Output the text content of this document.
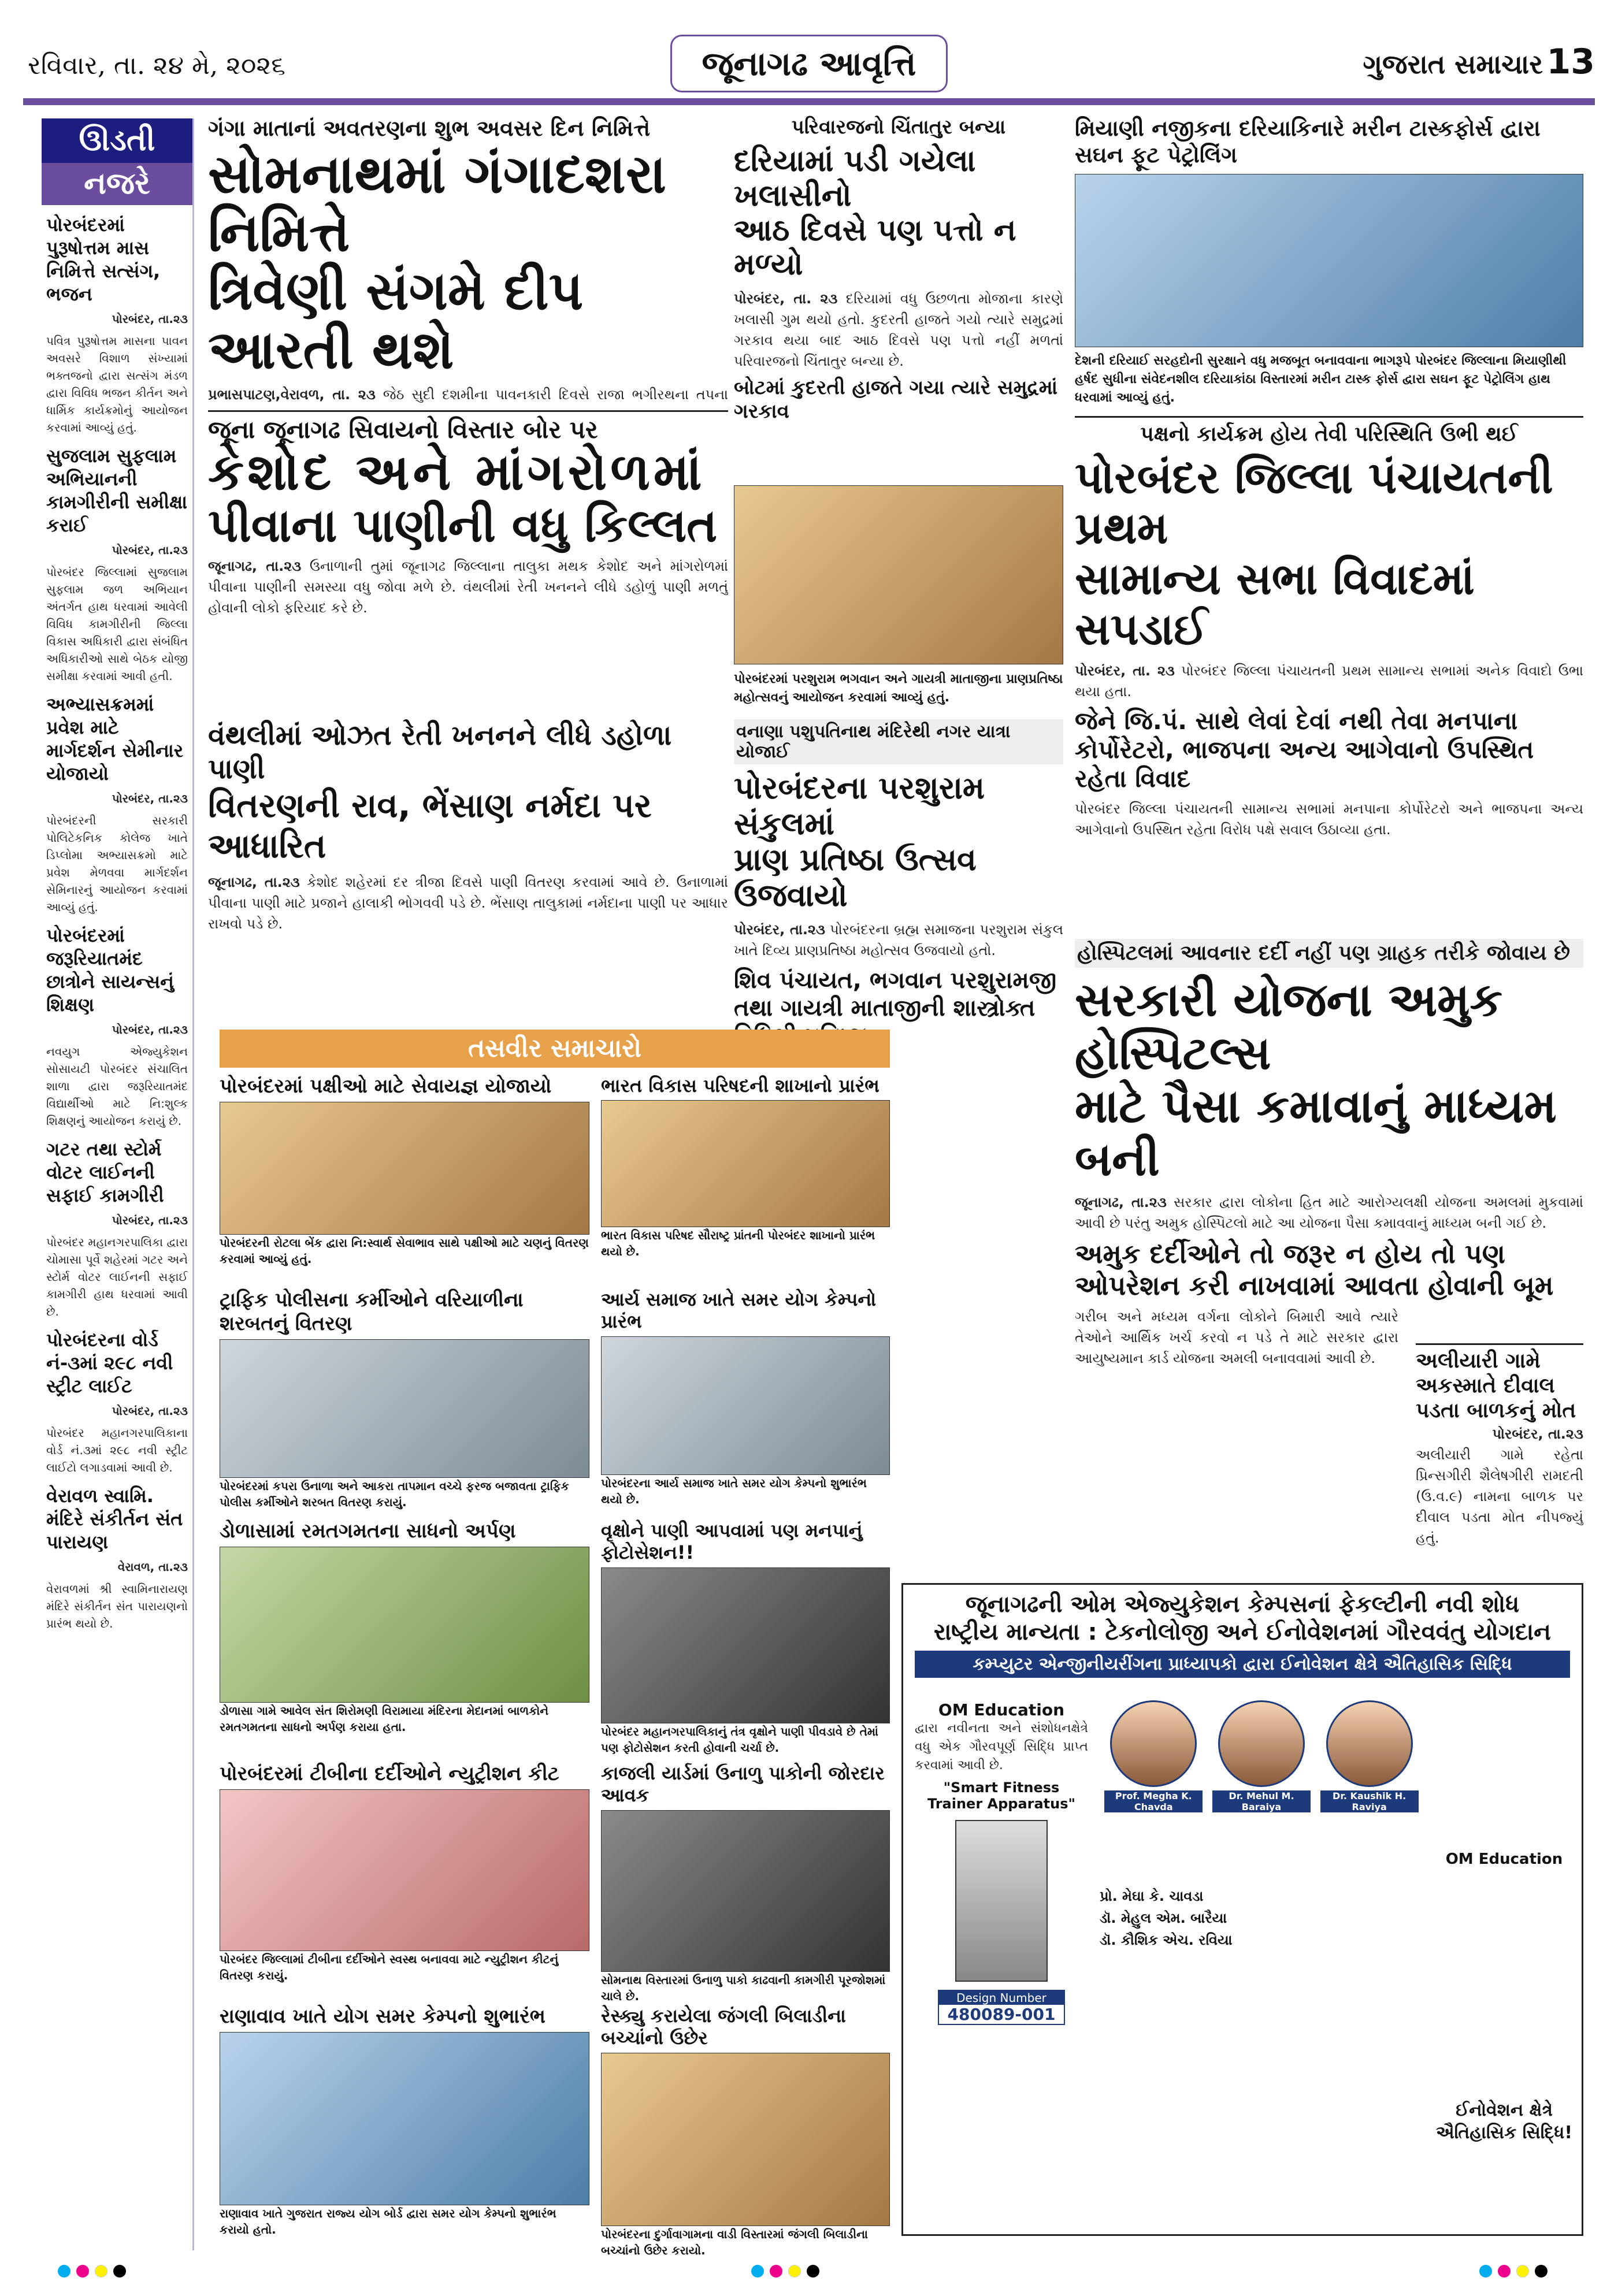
રવિવાર, તા. ૨૪ મે, ૨૦૨૬	જૂનાગઢ આવૃત્તિ	ગુજરાત સમાચાર 13
ઊડતી
નજરે
પોરબંદરમાં પુરૂષોત્તમ માસ નિમિત્તે સત્સંગ, ભજન
પોરબંદર, તા.૨૩
પવિત્ર પુરૂષોત્તમ માસના પાવન અવસરે વિશાળ સંખ્યામાં ભક્તજનો દ્વારા સત્સંગ મંડળ દ્વારા વિવિધ ભજન કીર્તન અને ધાર્મિક કાર્યક્રમોનું આયોજન કરવામાં આવ્યું હતું.
સુજલામ સુફલામ અભિયાનની કામગીરીની સમીક્ષા કરાઈ
પોરબંદર, તા.૨૩
પોરબંદર જિલ્લામાં સુજલામ સુફલામ જળ અભિયાન અંતર્ગત હાથ ધરવામાં આવેલી વિવિધ કામગીરીની જિલ્લા વિકાસ અધિકારી દ્વારા સંબંધિત અધિકારીઓ સાથે બેઠક યોજી સમીક્ષા કરવામાં આવી હતી.
અભ્યાસક્રમમાં પ્રવેશ માટે માર્ગદર્શન સેમીનાર યોજાયો
પોરબંદર, તા.૨૩
પોરબંદરની સરકારી પોલિટેકનિક કોલેજ ખાતે ડિપ્લોમા અભ્યાસક્રમો માટે પ્રવેશ મેળવવા માર્ગદર્શન સેમિનારનું આયોજન કરવામાં આવ્યું હતું.
પોરબંદરમાં જરૂરિયાતમંદ છાત્રોને સાયન્સનું શિક્ષણ
પોરબંદર, તા.૨૩
નવયુગ એજ્યુકેશન સોસાયટી પોરબંદર સંચાલિત શાળા દ્વારા જરૂરિયાતમંદ વિદ્યાર્થીઓ માટે નિ:શુલ્ક શિક્ષણનું આયોજન કરાયું છે.
ગટર તથા સ્ટોર્મ વોટર લાઈનની સફાઈ કામગીરી
પોરબંદર, તા.૨૩
પોરબંદર મહાનગરપાલિકા દ્વારા ચોમાસા પૂર્વે શહેરમાં ગટર અને સ્ટોર્મ વોટર લાઈનની સફાઈ કામગીરી હાથ ધરવામાં આવી છે.
પોરબંદરના વોર્ડ નં-૩માં ૨૯૮ નવી સ્ટ્રીટ લાઈટ
પોરબંદર, તા.૨૩
પોરબંદર મહાનગરપાલિકાના વોર્ડ નં.૩માં ૨૯૮ નવી સ્ટ્રીટ લાઈટો લગાડવામાં આવી છે.
વેરાવળ સ્વામિ. મંદિરે સંકીર્તન સંત પારાયણ
વેરાવળ, તા.૨૩
વેરાવળમાં શ્રી સ્વામિનારાયણ મંદિરે સંકીર્તન સંત પારાયણનો પ્રારંભ થયો છે.
ગંગા માતાનાં અવતરણના શુભ અવસર દિન નિમિત્તે
સોમનાથમાં ગંગાદશરા નિમિત્તે
ત્રિવેણી સંગમે દીપ આરતી થશે
પ્રભાસપાટણ,વેરાવળ, તા. ૨૩ જેઠ સુદી દશમીના પાવનકારી દિવસે રાજા ભગીરથના તપના
પરિવારજનો ચિંતાતુર બન્યા
દરિયામાં પડી ગયેલા ખલાસીનો
આઠ દિવસે પણ પત્તો ન મળ્યો
પોરબંદર, તા. ૨૩ દરિયામાં વધુ ઉછળતા મોજાના કારણે ખલાસી ગુમ થયો હતો. કુદરતી હાજતે ગયો ત્યારે સમુદ્રમાં ગરકાવ થયા બાદ આઠ દિવસે પણ પત્તો નહીં મળતાં પરિવારજનો ચિંતાતુર બન્યા છે.
બોટમાં કુદરતી હાજતે ગયા ત્યારે સમુદ્રમાં ગરકાવ
પોરબંદરમાં પરશુરામ ભગવાન અને ગાયત્રી માતાજીના પ્રાણપ્રતિષ્ઠા મહોત્સવનું આયોજન કરવામાં આવ્યું હતું.
મિયાણી નજીકના દરિયાકિનારે મરીન ટાસ્કફોર્સ દ્વારા સઘન ફૂટ પેટ્રોલિંગ
દેશની દરિયાઈ સરહદોની સુરક્ષાને વધુ મજબૂત બનાવવાના ભાગરૂપે પોરબંદર જિલ્લાના મિયાણીથી હર્ષદ સુધીના સંવેદનશીલ દરિયાકાંઠા વિસ્તારમાં મરીન ટાસ્ક ફોર્સ દ્વારા સઘન ફૂટ પેટ્રોલિંગ હાથ ધરવામાં આવ્યું હતું.
જૂના જૂનાગઢ સિવાયનો વિસ્તાર બોર પર
કેશોદ અને માંગરોળમાં
પીવાના પાણીની વધુ કિલ્લત
જૂનાગઢ, તા.૨૩ ઉનાળાની તુમાં જૂનાગઢ જિલ્લાના તાલુકા મથક કેશોદ અને માંગરોળમાં પીવાના પાણીની સમસ્યા વધુ જોવા મળે છે. વંથલીમાં રેતી ખનનને લીધે ડહોળું પાણી મળતું હોવાની લોકો ફરિયાદ કરે છે.
વંથલીમાં ઓઝત રેતી ખનનને લીધે ડહોળા પાણી
વિતરણની રાવ, ભેંસાણ નર્મદા પર આધારિત
જૂનાગઢ, તા.૨૩ કેશોદ શહેરમાં દર ત્રીજા દિવસે પાણી વિતરણ કરવામાં આવે છે. ઉનાળામાં પીવાના પાણી માટે પ્રજાને હાલાકી ભોગવવી પડે છે. ભેંસાણ તાલુકામાં નર્મદાના પાણી પર આધાર રાખવો પડે છે.
વનાણા પશુપતિનાથ મંદિરેથી નગર યાત્રા યોજાઈ
પોરબંદરના પરશુરામ સંકુલમાં
પ્રાણ પ્રતિષ્ઠા ઉત્સવ ઉજવાયો
પોરબંદર, તા.૨૩ પોરબંદરના બ્રહ્મ સમાજના પરશુરામ સંકુલ ખાતે દિવ્ય પ્રાણપ્રતિષ્ઠા મહોત્સવ ઉજવાયો હતો.
શિવ પંચાયત, ભગવાન પરશુરામજી તથા ગાયત્રી માતાજીની શાસ્ત્રોક્ત
પક્ષનો કાર્યક્રમ હોય તેવી પરિસ્થિતિ ઉભી થઈ
પોરબંદર જિલ્લા પંચાયતની પ્રથમ
સામાન્ય સભા વિવાદમાં સપડાઈ
પોરબંદર, તા. ૨૩ પોરબંદર જિલ્લા પંચાયતની પ્રથમ સામાન્ય સભામાં અનેક વિવાદો ઉભા થયા હતા.
જેને જિ.પં. સાથે લેવાં દેવાં નથી તેવા મનપાના કોર્પોરેટરો, ભાજપના અન્ય આગેવાનો ઉપસ્થિત રહેતા વિવાદ
પોરબંદર જિલ્લા પંચાયતની સામાન્ય સભામાં મનપાના કોર્પોરેટરો અને ભાજપના અન્ય આગેવાનો ઉપસ્થિત રહેતા વિરોધ પક્ષે સવાલ ઉઠાવ્યા હતા.
હોસ્પિટલમાં આવનાર દર્દી નહીં પણ ગ્રાહક તરીકે જોવાય છે
સરકારી યોજના અમુક હોસ્પિટલ્સ
માટે પૈસા કમાવાનું માધ્યમ બની
જૂનાગઢ, તા.૨૩ સરકાર દ્વારા લોકોના હિત માટે આરોગ્યલક્ષી યોજના અમલમાં મુકવામાં આવી છે પરંતુ અમુક હોસ્પિટલો માટે આ યોજના પૈસા કમાવવાનું માધ્યમ બની ગઈ છે.
અમુક દર્દીઓને તો જરૂર ન હોય તો પણ ઓપરેશન કરી નાખવામાં આવતા હોવાની બૂમ
ગરીબ અને મધ્યમ વર્ગના લોકોને બિમારી આવે ત્યારે તેઓને આર્થિક ખર્ચ કરવો ન પડે તે માટે સરકાર દ્વારા આયુષ્યમાન કાર્ડ યોજના અમલી બનાવવામાં આવી છે.	અલીયારી ગામે અકસ્માતે દીવાલ પડતા બાળકનું મોત
પોરબંદર, તા.૨૩
અલીયારી ગામે રહેતા પ્રિન્સગીરી શૈલેષગીરી રામદતી (ઉ.વ.૯) નામના બાળક પર દીવાલ પડતા મોત નીપજ્યું હતું.
તસવીર સમાચારો
પોરબંદરમાં પક્ષીઓ માટે સેવાયજ્ઞ યોજાયો
પોરબંદરની રોટલા બેંક દ્વારા નિ:સ્વાર્થ સેવાભાવ સાથે પક્ષીઓ માટે ચણનું વિતરણ કરવામાં આવ્યું હતું.
ટ્રાફિક પોલીસના કર્મીઓને વરિયાળીના શરબતનું વિતરણ
પોરબંદરમાં કપરા ઉનાળા અને આકરા તાપમાન વચ્ચે ફરજ બજાવતા ટ્રાફિક પોલીસ કર્મીઓને શરબત વિતરણ કરાયું.
ડોળાસામાં રમતગમતના સાધનો અર્પણ
ડોળાસા ગામે આવેલ સંત શિરોમણી વિરામાયા મંદિરના મેદાનમાં બાળકોને રમતગમતના સાધનો અર્પણ કરાયા હતા.
પોરબંદરમાં ટીબીના દર્દીઓને ન્યુટ્રીશન કીટ
પોરબંદર જિલ્લામાં ટીબીના દર્દીઓને સ્વસ્થ બનાવવા માટે ન્યુટ્રીશન કીટનું વિતરણ કરાયું.
રાણાવાવ ખાતે યોગ સમર કેમ્પનો શુભારંભ
રાણાવાવ ખાતે ગુજરાત રાજ્ય યોગ બોર્ડ દ્વારા સમર યોગ કેમ્પનો શુભારંભ કરાયો હતો.
ભારત વિકાસ પરિષદની શાખાનો પ્રારંભ
ભારત વિકાસ પરિષદ સૌરાષ્ટ્ર પ્રાંતની પોરબંદર શાખાનો પ્રારંભ થયો છે.
આર્ય સમાજ ખાતે સમર યોગ કેમ્પનો પ્રારંભ
પોરબંદરના આર્ય સમાજ ખાતે સમર યોગ કેમ્પનો શુભારંભ થયો છે.
વૃક્ષોને પાણી આપવામાં પણ મનપાનું ફોટોસેશન!!
પોરબંદર મહાનગરપાલિકાનું તંત્ર વૃક્ષોને પાણી પીવડાવે છે તેમાં પણ ફોટોસેશન કરતી હોવાની ચર્ચા છે.
કાજલી યાર્ડમાં ઉનાળુ પાકોની જોરદાર આવક
સોમનાથ વિસ્તારમાં ઉનાળુ પાકો કાઢવાની કામગીરી પૂરજોશમાં ચાલે છે.
રેસ્ક્યુ કરાયેલા જંગલી બિલાડીના બચ્ચાંનો ઉછેર
પોરબંદરના દુર્ગાવાગામના વાડી વિસ્તારમાં જંગલી બિલાડીના બચ્ચાંનો ઉછેર કરાયો.
જૂનાગઢની ઓમ એજ્યુકેશન કેમ્પસનાં ફેકલ્ટીની નવી શોધ
રાષ્ટ્રીય માન્યતા : ટેકનોલોજી અને ઈનોવેશનમાં ગૌરવવંતુ યોગદાન
કમ્પ્યુટર એન્જીનીયરીંગના પ્રાધ્યાપકો દ્વારા ઈનોવેશન ક્ષેત્રે ઐતિહાસિક સિદ્ધિ
OM Education
દ્વારા નવીનતા અને સંશોધનક્ષેત્રે વધુ એક ગૌરવપૂર્ણ સિદ્ધિ પ્રાપ્ત કરવામાં આવી છે.
"Smart Fitness Trainer Apparatus"
Design Number
480089-001
Prof. Megha K. Chavda
Dr. Mehul M. Baraiya
Dr. Kaushik H. Raviya
પ્રો. મેઘા કે. ચાવડા
ડૉ. મેહુલ એમ. બારૈયા
ડૉ. કૌશિક એચ. રવિયા
OM Education
ઈનોવેશન ક્ષેત્રે ઐતિહાસિક સિદ્ધિ!
